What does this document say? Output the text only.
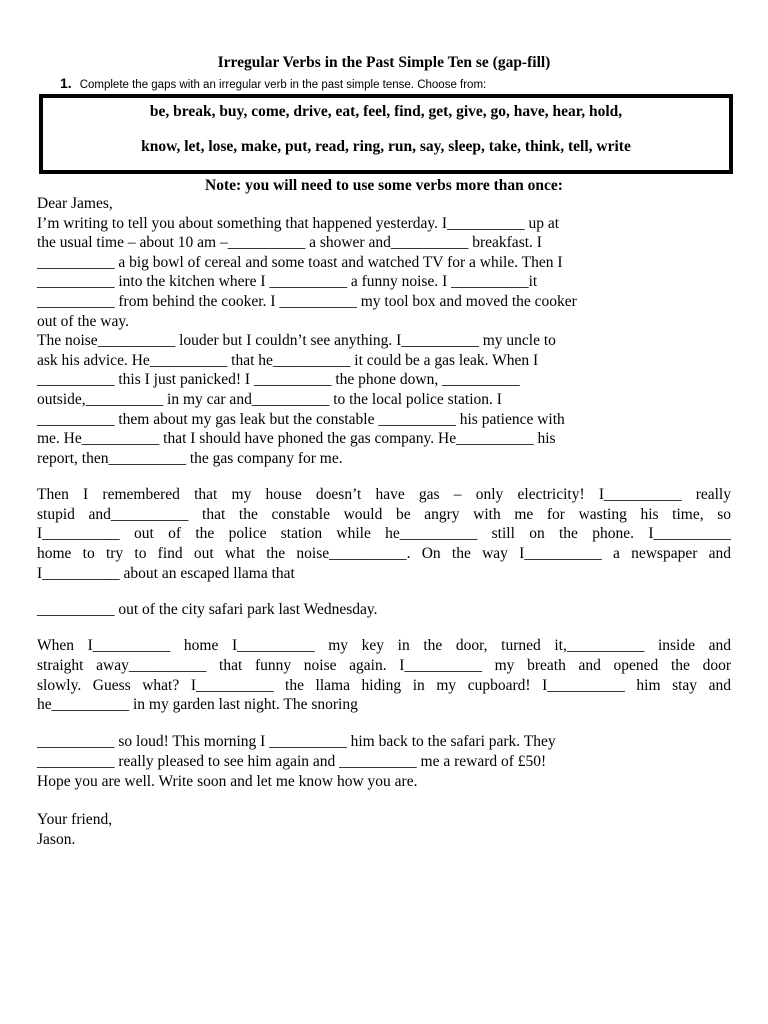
Irregular Verbs in the Past Simple Ten se (gap-fill)
1. Complete the gaps with an irregular verb in the past simple tense. Choose from:
be, break, buy, come, drive, eat, feel, find, get, give, go, have, hear, hold,
know, let, lose, make, put, read, ring, run, say, sleep, take, think, tell, write
Note: you will need to use some verbs more than once:
Dear James,
I’m writing to tell you about something that happened yesterday. I__________ up at
the usual time – about 10 am –__________ a shower and__________ breakfast. I
__________ a big bowl of cereal and some toast and watched TV for a while. Then I
__________ into the kitchen where I __________ a funny noise. I __________it
__________ from behind the cooker. I __________ my tool box and moved the cooker
out of the way.
The noise__________ louder but I couldn’t see anything. I__________ my uncle to
ask his advice. He__________ that he__________ it could be a gas leak. When I
__________ this I just panicked! I __________ the phone down, __________
outside,__________ in my car and__________ to the local police station. I
__________ them about my gas leak but the constable __________ his patience with
me. He__________ that I should have phoned the gas company. He__________ his
report, then__________ the gas company for me.
Then I remembered that my house doesn’t have gas – only electricity! I__________ really
stupid and__________ that the constable would be angry with me for wasting his time, so
I__________ out of the police station while he__________ still on the phone. I__________
home to try to find out what the noise__________. On the way I__________ a newspaper and
I__________ about an escaped llama that
__________ out of the city safari park last Wednesday.
When I__________ home I__________ my key in the door, turned it,__________ inside and
straight away__________ that funny noise again. I__________ my breath and opened the door
slowly. Guess what? I__________ the llama hiding in my cupboard! I__________ him stay and
he__________ in my garden last night. The snoring
__________ so loud! This morning I __________ him back to the safari park. They
__________ really pleased to see him again and __________ me a reward of £50!
Hope you are well. Write soon and let me know how you are.
Your friend,
Jason.
